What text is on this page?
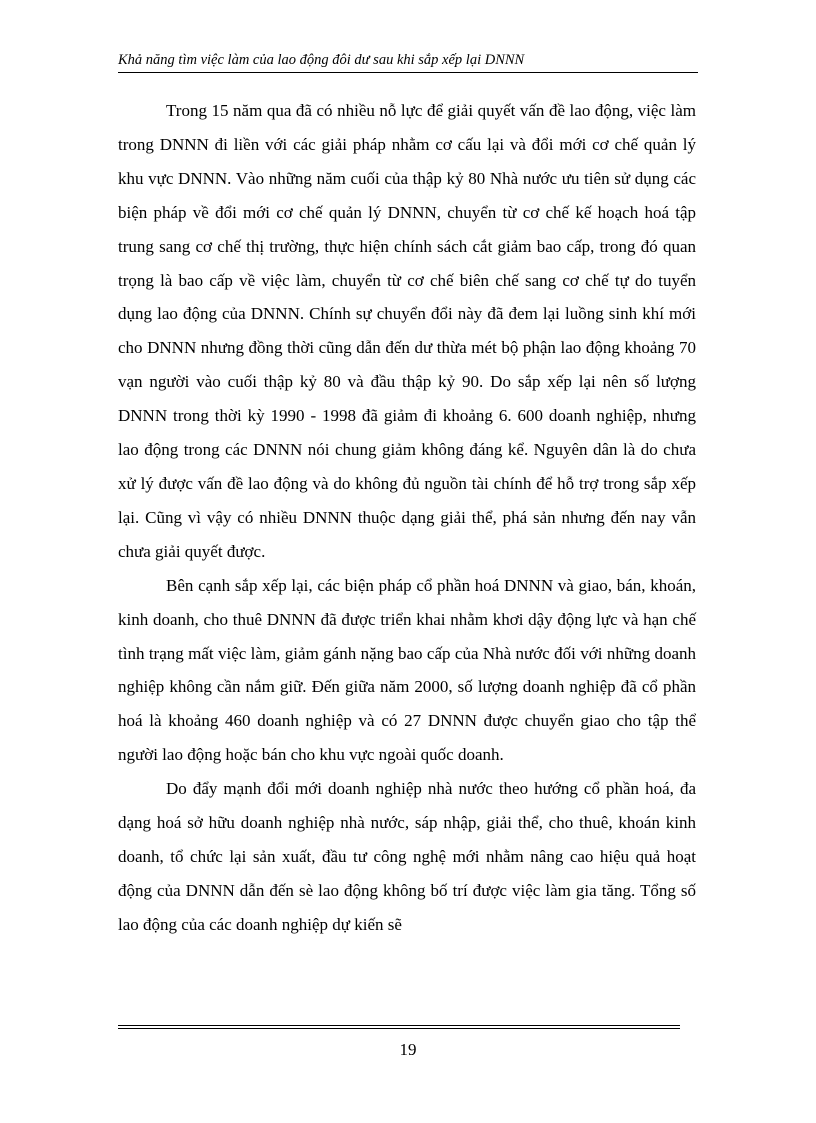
Khả năng tìm việc làm của lao động đôi dư sau khi sắp xếp lại DNNN

Trong 15 năm qua đã có nhiều nỗ lực để giải quyết vấn đề lao động, việc làm trong DNNN đi liền với các giải pháp nhằm cơ cấu lại và đổi mới cơ chế quản lý khu vực DNNN. Vào những năm cuối của thập kỷ 80 Nhà nước ưu tiên sử dụng các biện pháp về đổi mới cơ chế quản lý DNNN, chuyển từ cơ chế kế hoạch hoá tập trung sang cơ chế thị trường, thực hiện chính sách cắt giảm bao cấp, trong đó quan trọng là bao cấp về việc làm, chuyển từ cơ chế biên chế sang cơ chế tự do tuyển dụng lao động của DNNN. Chính sự chuyển đổi này đã đem lại luồng sinh khí mới cho DNNN nhưng đồng thời cũng dẫn đến dư thừa mét bộ phận lao động khoảng 70 vạn người vào cuối thập kỷ 80 và đầu thập kỷ 90. Do sắp xếp lại nên số lượng DNNN trong thời kỳ 1990 - 1998 đã giảm đi khoảng 6. 600 doanh nghiệp, nhưng lao động trong các DNNN nói chung giảm không đáng kể. Nguyên dân là do chưa xử lý được vấn đề lao động và do không đủ nguồn tài chính để hỗ trợ trong sắp xếp lại. Cũng vì vậy có nhiều DNNN thuộc dạng giải thể, phá sản nhưng đến nay vẫn chưa giải quyết được.

Bên cạnh sắp xếp lại, các biện pháp cổ phần hoá DNNN và giao, bán, khoán, kinh doanh, cho thuê DNNN đã được triển khai nhằm khơi dậy động lực và hạn chế tình trạng mất việc làm, giảm gánh nặng bao cấp của Nhà nước đối với những doanh nghiệp không cần nắm giữ. Đến giữa năm 2000, số lượng doanh nghiệp đã cổ phần hoá là khoảng 460 doanh nghiệp và có 27 DNNN được chuyển giao cho tập thể người lao động hoặc bán cho khu vực ngoài quốc doanh.

Do đẩy mạnh đổi mới doanh nghiệp nhà nước theo hướng cổ phần hoá, đa dạng hoá sở hữu doanh nghiệp nhà nước, sáp nhập, giải thể, cho thuê, khoán kinh doanh, tổ chức lại sản xuất, đầu tư công nghệ mới nhằm nâng cao hiệu quả hoạt động của DNNN dẫn đến sè lao động không bố trí được việc làm gia tăng. Tổng số lao động của các doanh nghiệp dự kiến sẽ

19
